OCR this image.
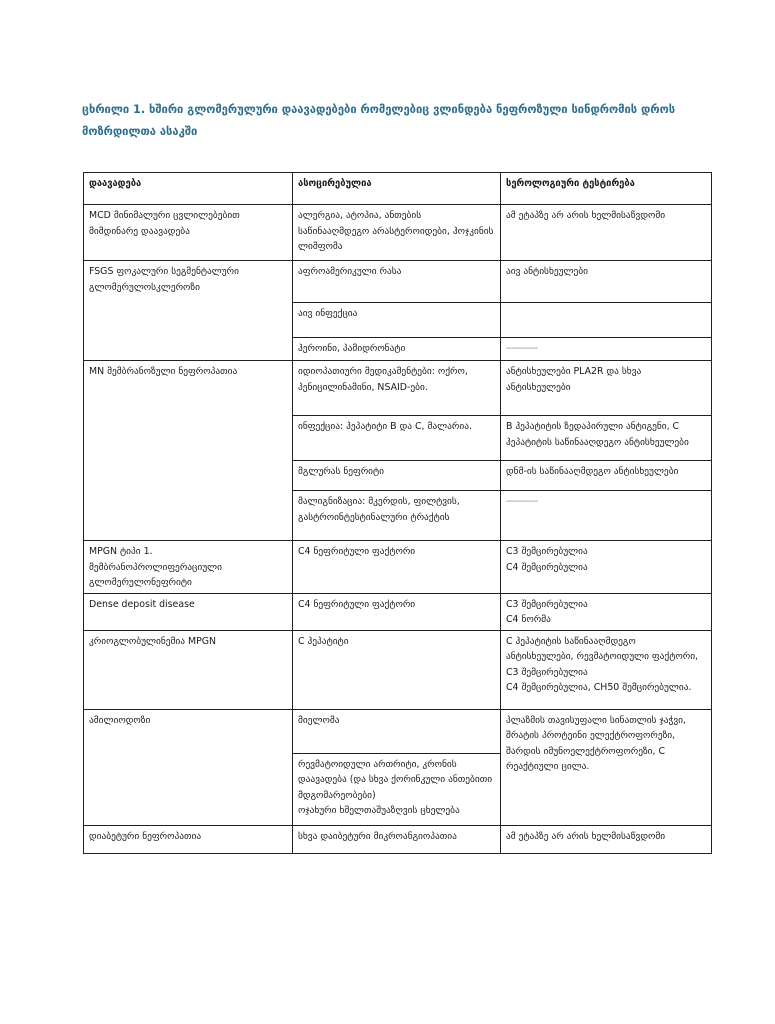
ცხრილი 1. ხშირი გლომერულური დაავადებები რომელებიც ვლინდება ნეფროზული სინდრომის დროს მოზრდილთა ასაკში
დაავადება	ასოცირებულია	სეროლოგიური ტესტირება
MCD მინიმალური ცვლილებებით მიმდინარე დაავადება	ალერგია, ატოპია, ანთების საწინააღმდეგო არასტეროიდები, ჰოჯკინის ლიმფომა	ამ ეტაპზე არ არის ხელმისაწვდომი
FSGS ფოკალური სეგმენტალური გლომერულოსკლეროზი	აფროამერიკული რასა	აივ ანტისხეულები
	აივ ინფექცია	
	ჰეროინი, პამიდრონატი	-----------
MN მემბრანოზული ნეფროპათია	იდიოპათიური მედიკამენტები: ოქრო, პენიცილინამინი, NSAID-ები.	ანტისხეულები PLA2R და სხვა ანტისხეულები
	ინფექცია: ჰეპატიტი B და C, მალარია.	B ჰეპატიტის ზედაპირული ანტიგენი, C ჰეპატიტის საწინააღდეგო ანტისხეულები
	მგლურას ნეფრიტი	დნმ-ის საწინააღმდეგო ანტისხეულები
	მალიგნიზაცია: მკერდის, ფილტვის, გასტროინტესტინალური ტრაქტის	-----------
MPGN ტიპი 1. მემბრანოპროლიფერაციული გლომერულონეფრიტი	C4 ნეფრიტული ფაქტორი	C3 შემცირებულია
C4 შემცირებულია
Dense deposit disease	C4 ნეფრიტული ფაქტორი	C3 შემცირებულია
C4 ნორმა
კრიოგლობულინემია MPGN	C ჰეპატიტი	C ჰეპატიტის საწინააღმდეგო ანტისხეულები, რევმატოიდული ფაქტორი, C3 შემცირებულია
C4 შემცირებულია, CH50 შემცირებულია.
ამილიოდოზი	მიელომა	პლაზმის თავისუფალი სინათლის ჯაჭვი,
შრატის პროტეინი ელექტროფორეზი, შარდის იმუნოელექტროფორეზი, C რეაქტიული ცილა.
	რევმატოიდული ართრიტი, კრონის დაავადება (და სხვა ქორინკული ანთებითი მდგომარეობები)
ოჯახური ხმელთაშუაზღვის ცხელება	
დიაბეტური ნეფროპათია	სხვა დაიბეტური მიკროანგიოპათია	ამ ეტაპზე არ არის ხელმისაწვდომი
